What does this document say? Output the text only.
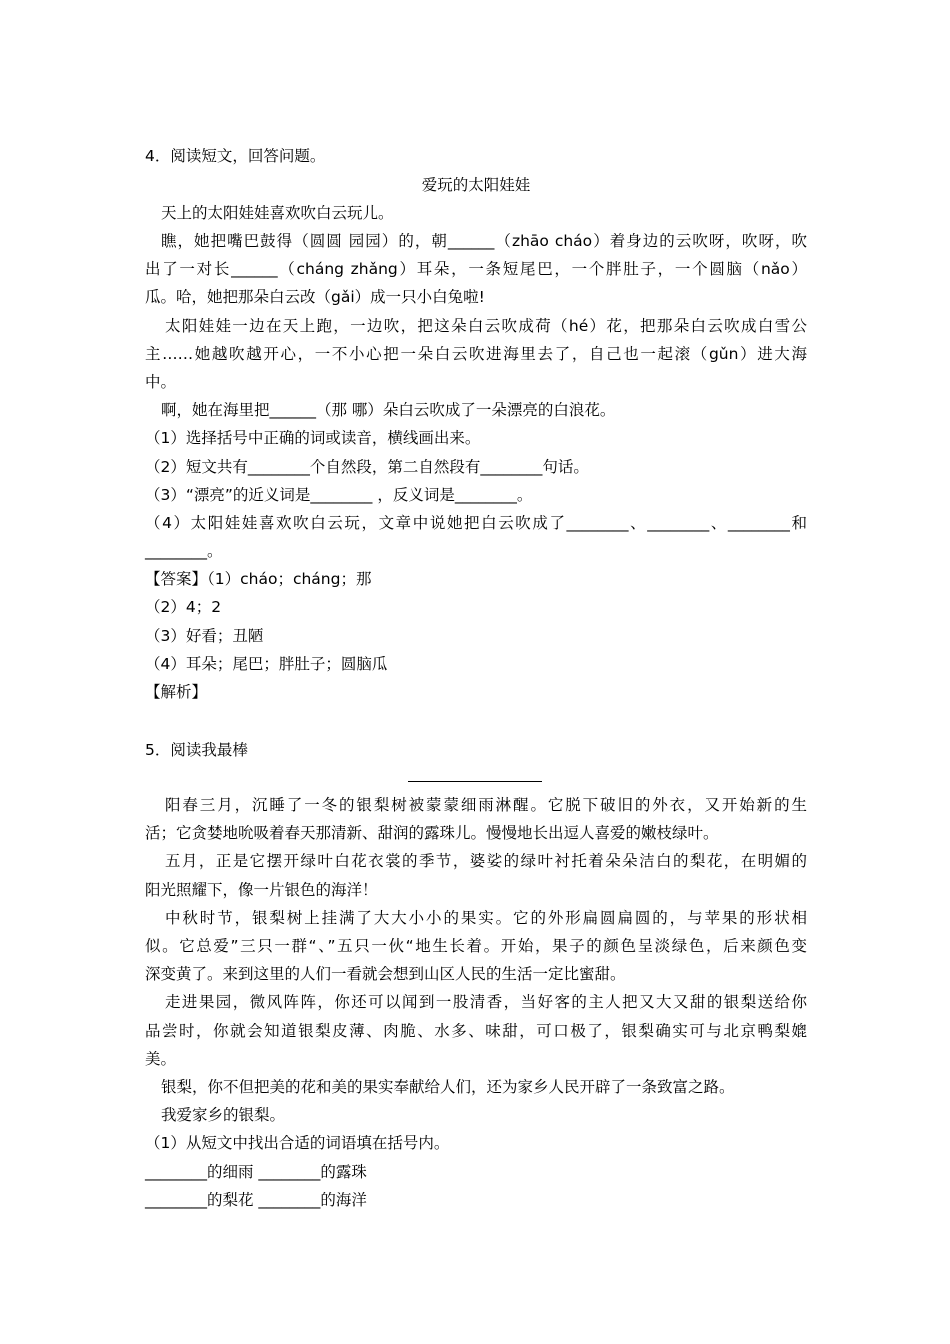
4．阅读短文，回答问题。
爱玩的太阳娃娃
天上的太阳娃娃喜欢吹白云玩儿。
瞧，她把嘴巴鼓得（圆圆 园园）的，朝______（zhāo cháo）着身边的云吹呀，吹呀，吹
出了一对长______（cháng zhǎng）耳朵，一条短尾巴，一个胖肚子，一个圆脑（nǎo）
瓜。哈，她把那朵白云改（gǎi）成一只小白兔啦!
太阳娃娃一边在天上跑，一边吹，把这朵白云吹成荷（hé）花，把那朵白云吹成白雪公
主……她越吹越开心，一不小心把一朵白云吹进海里去了，自己也一起滚（gǔn）进大海
中。
啊，她在海里把______（那 哪）朵白云吹成了一朵漂亮的白浪花。
（1）选择括号中正确的词或读音，横线画出来。
（2）短文共有________个自然段，第二自然段有________句话。
（3）“漂亮”的近义词是________ ，反义词是________。
（4）太阳娃娃喜欢吹白云玩，文章中说她把白云吹成了________、________、________和
________。
【答案】（1）cháo；cháng；那
（2）4；2
（3）好看；丑陋
（4）耳朵；尾巴；胖肚子；圆脑瓜
【解析】
5．阅读我最棒
阳春三月，沉睡了一冬的银梨树被蒙蒙细雨淋醒。它脱下破旧的外衣，又开始新的生
活；它贪婪地吮吸着春天那清新、甜润的露珠儿。慢慢地长出逗人喜爱的嫩枝绿叶。
五月，正是它摆开绿叶白花衣裳的季节，婆娑的绿叶衬托着朵朵洁白的梨花，在明媚的
阳光照耀下，像一片银色的海洋！
中秋时节，银梨树上挂满了大大小小的果实。它的外形扁圆扁圆的，与苹果的形状相
似。它总爱”三只一群“、”五只一伙“地生长着。开始，果子的颜色呈淡绿色，后来颜色变
深变黄了。来到这里的人们一看就会想到山区人民的生活一定比蜜甜。
走进果园，微风阵阵，你还可以闻到一股清香，当好客的主人把又大又甜的银梨送给你
品尝时，你就会知道银梨皮薄、肉脆、水多、味甜，可口极了，银梨确实可与北京鸭梨媲
美。
银梨，你不但把美的花和美的果实奉献给人们，还为家乡人民开辟了一条致富之路。
我爱家乡的银梨。
（1）从短文中找出合适的词语填在括号内。
________的细雨 ________的露珠
________的梨花 ________的海洋
